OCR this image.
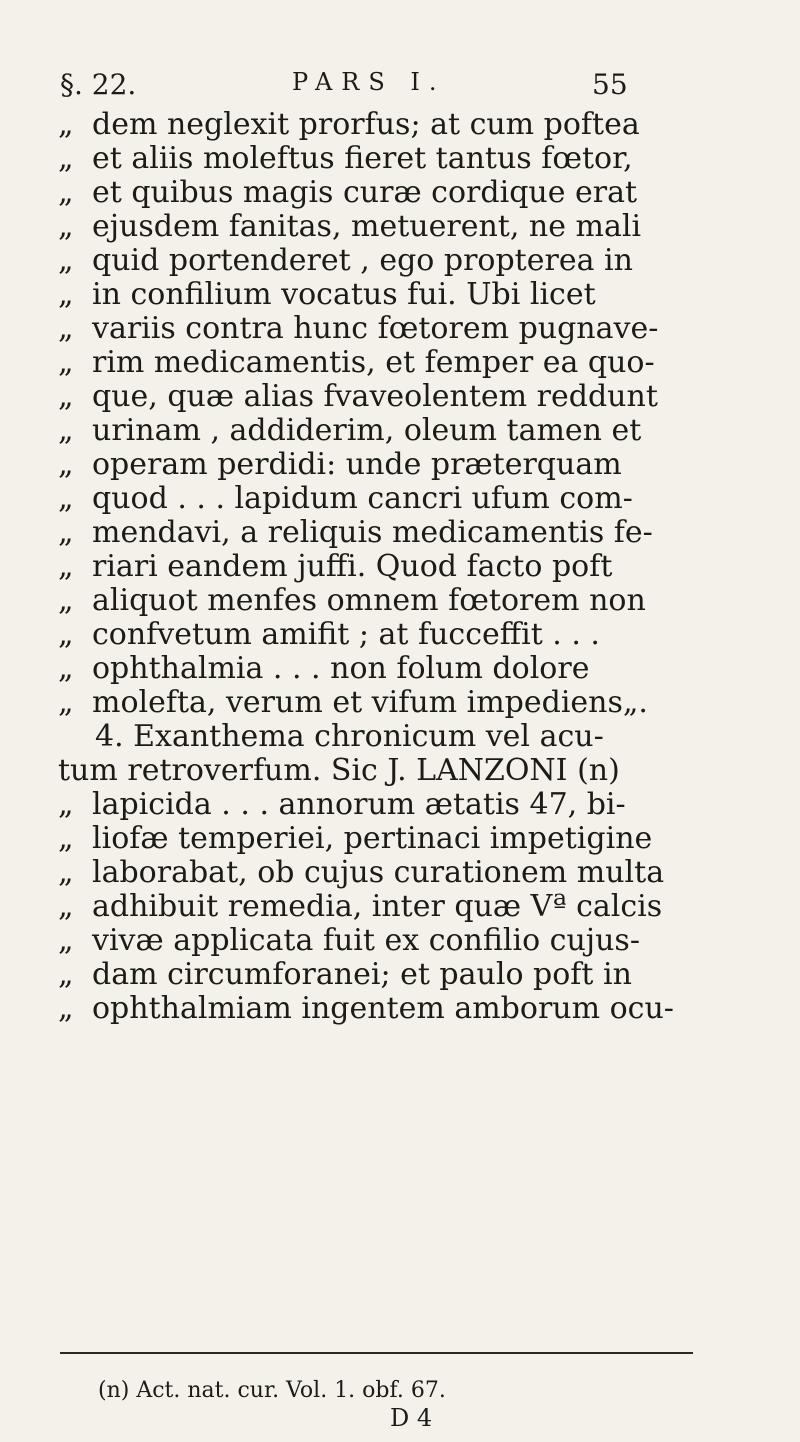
§. 22.	PARS I.	55
„ dem neglexit prorfus; at cum poftea
„ et aliis moleftus fieret tantus fœtor,
„ et quibus magis curæ cordique erat
„ ejusdem fanitas, metuerent, ne mali
„ quid portenderet , ego propterea in
„ in confilium vocatus fui. Ubi licet
„ variis contra hunc fœtorem pugnave-
„ rim medicamentis, et femper ea quo-
„ que, quæ alias fvaveolentem reddunt
„ urinam , addiderim, oleum tamen et
„ operam perdidi: unde præterquam
„ quod . . . lapidum cancri ufum com-
„ mendavi, a reliquis medicamentis fe-
„ riari eandem juffi. Quod facto poft
„ aliquot menfes omnem fœtorem non
„ confvetum amifit ; at fucceffit . . .
„ ophthalmia . . . non folum dolore
„ molefta, verum et vifum impediens„.
4. Exanthema chronicum vel acu-
tum retroverfum. Sic J. LANZONI (n)
„ lapicida . . . annorum ætatis 47, bi-
„ liofæ temperiei, pertinaci impetigine
„ laborabat, ob cujus curationem multa
„ adhibuit remedia, inter quæ Vª calcis
„ vivæ applicata fuit ex confilio cujus-
„ dam circumforanei; et paulo poft in
„ ophthalmiam ingentem amborum ocu-
(n) Act. nat. cur. Vol. 1. obf. 67.
D 4
